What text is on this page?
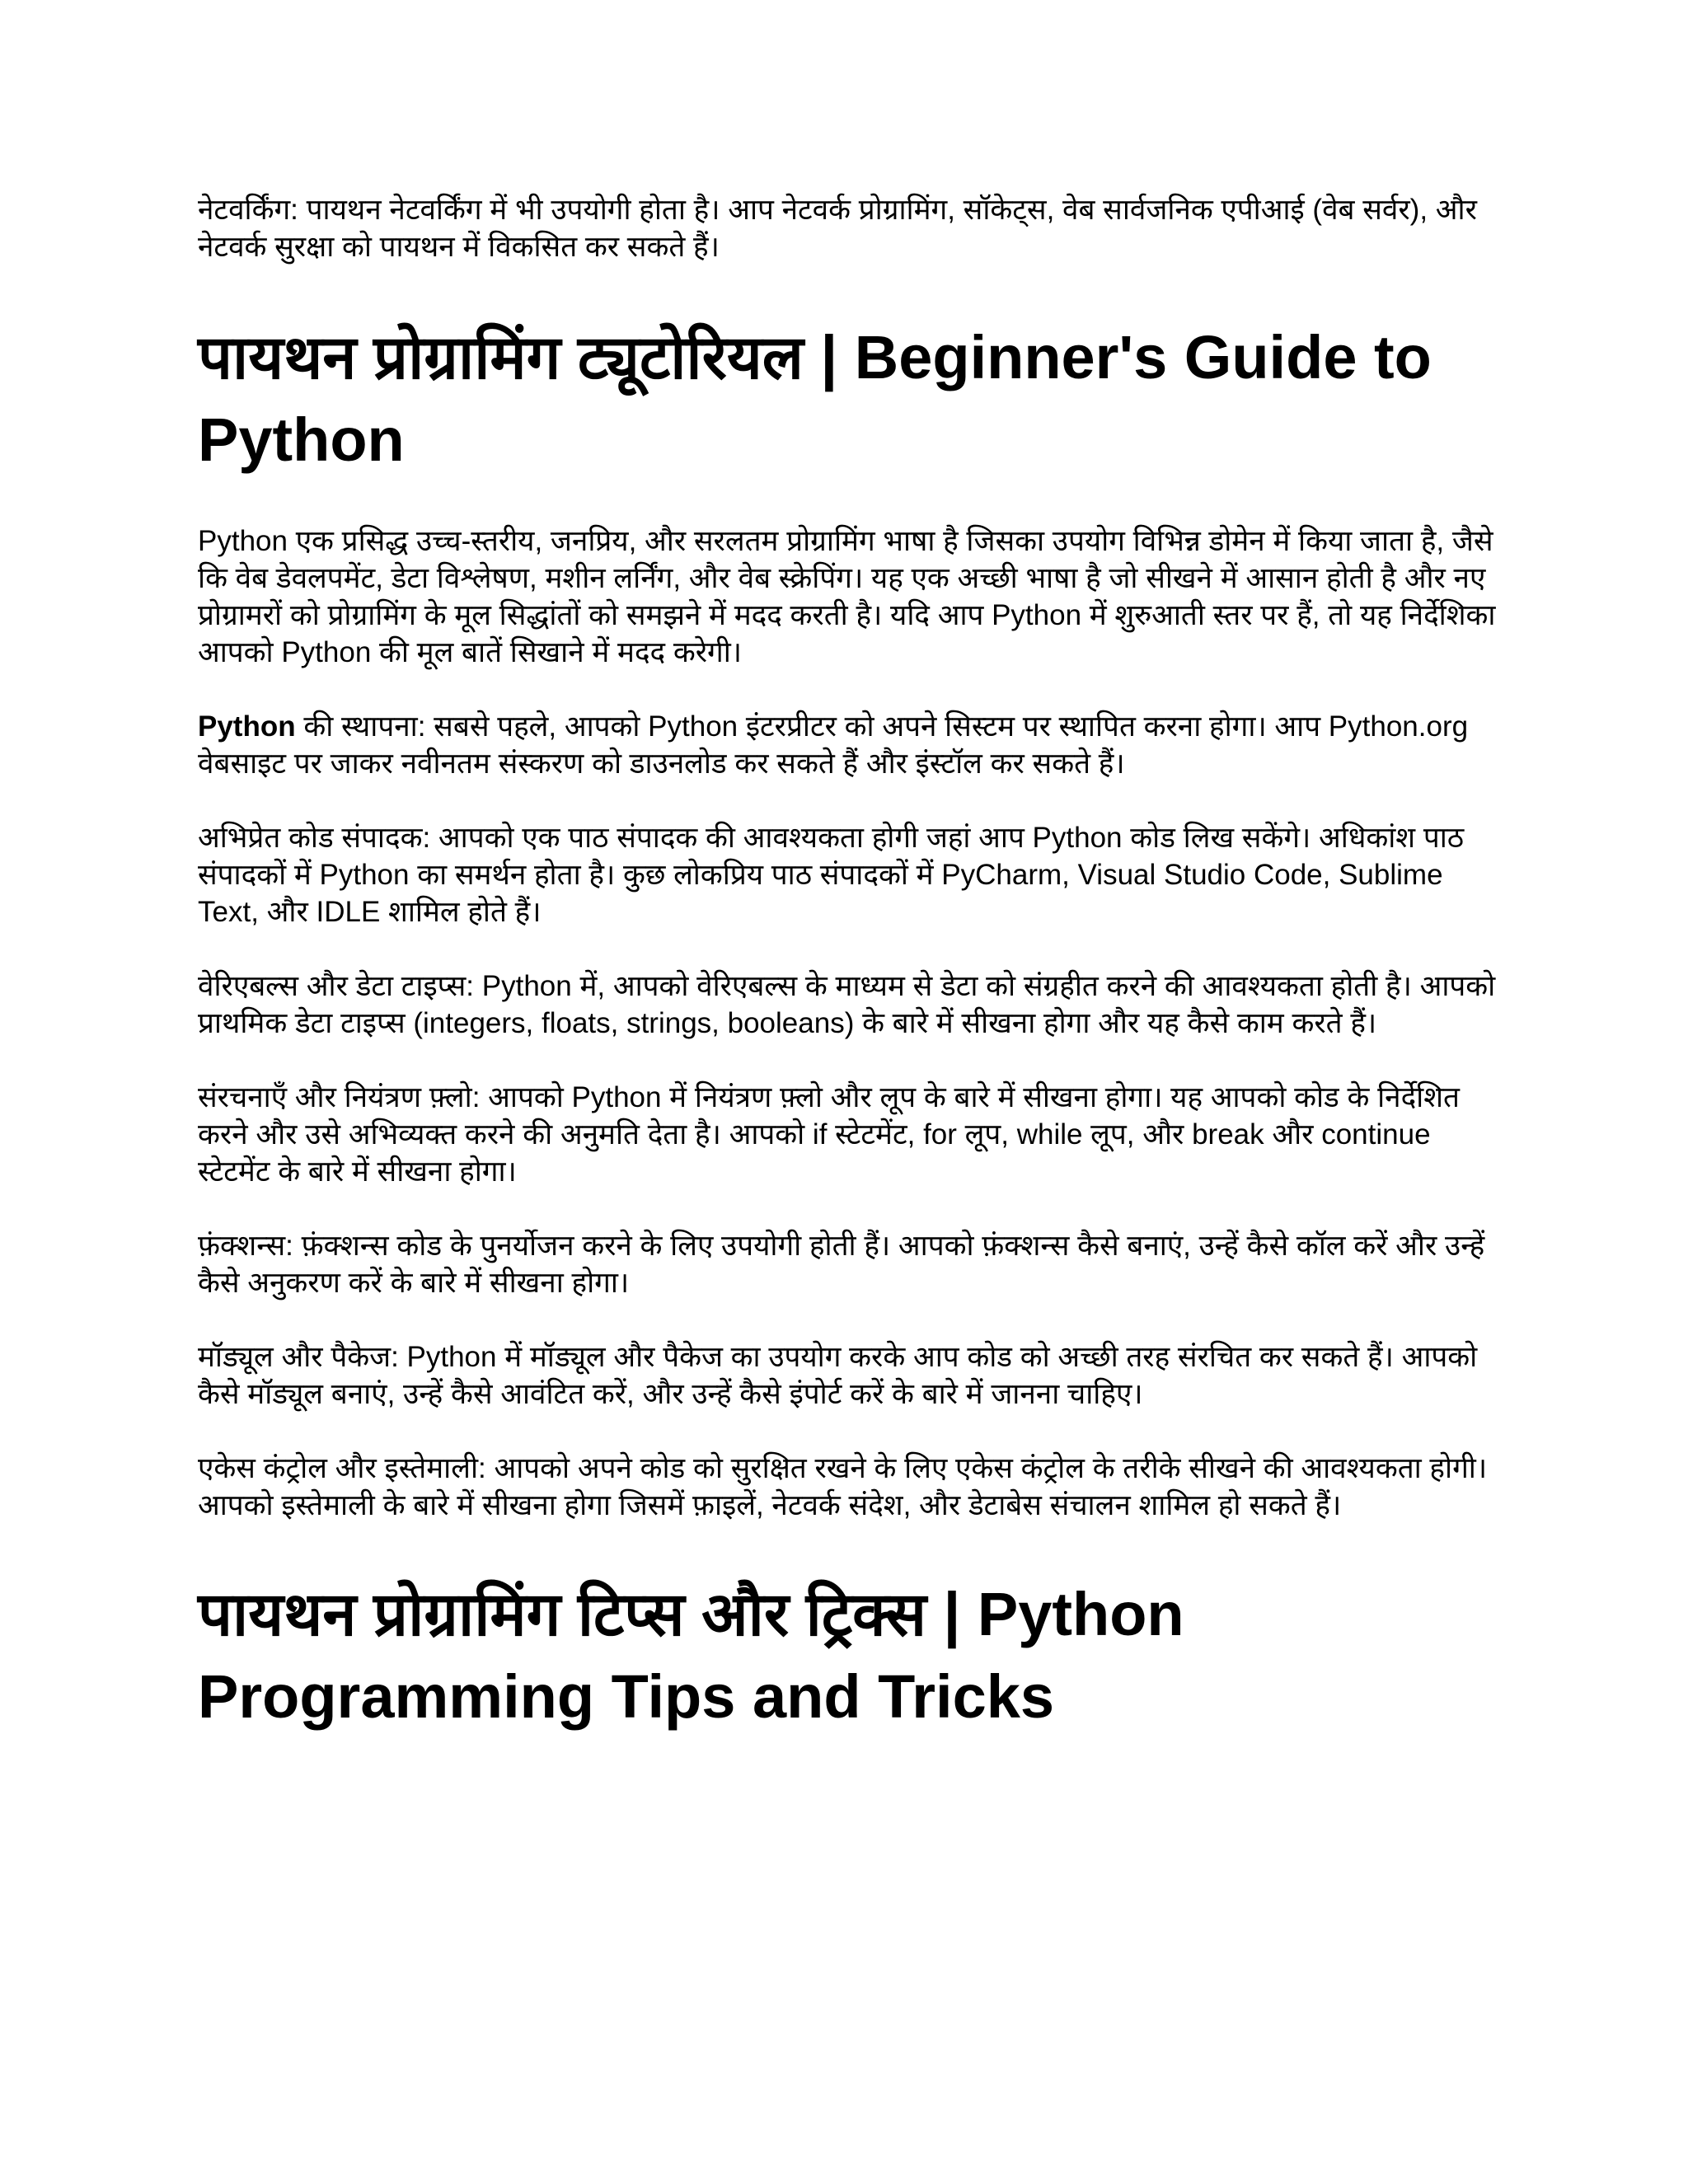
नेटवर्किंग: पायथन नेटवर्किंग में भी उपयोगी होता है। आप नेटवर्क प्रोग्रामिंग, सॉकेट्स, वेब सार्वजनिक एपीआई (वेब सर्वर), और नेटवर्क सुरक्षा को पायथन में विकसित कर सकते हैं।

पायथन प्रोग्रामिंग ट्यूटोरियल | Beginner's Guide to Python

Python एक प्रसिद्ध उच्च-स्तरीय, जनप्रिय, और सरलतम प्रोग्रामिंग भाषा है जिसका उपयोग विभिन्न डोमेन में किया जाता है, जैसे कि वेब डेवलपमेंट, डेटा विश्लेषण, मशीन लर्निंग, और वेब स्क्रेपिंग। यह एक अच्छी भाषा है जो सीखने में आसान होती है और नए प्रोग्रामरों को प्रोग्रामिंग के मूल सिद्धांतों को समझने में मदद करती है। यदि आप Python में शुरुआती स्तर पर हैं, तो यह निर्देशिका आपको Python की मूल बातें सिखाने में मदद करेगी।

Python की स्थापना: सबसे पहले, आपको Python इंटरप्रीटर को अपने सिस्टम पर स्थापित करना होगा। आप Python.org वेबसाइट पर जाकर नवीनतम संस्करण को डाउनलोड कर सकते हैं और इंस्टॉल कर सकते हैं।

अभिप्रेत कोड संपादक: आपको एक पाठ संपादक की आवश्यकता होगी जहां आप Python कोड लिख सकेंगे। अधिकांश पाठ संपादकों में Python का समर्थन होता है। कुछ लोकप्रिय पाठ संपादकों में PyCharm, Visual Studio Code, Sublime Text, और IDLE शामिल होते हैं।

वेरिएबल्स और डेटा टाइप्स: Python में, आपको वेरिएबल्स के माध्यम से डेटा को संग्रहीत करने की आवश्यकता होती है। आपको प्राथमिक डेटा टाइप्स (integers, floats, strings, booleans) के बारे में सीखना होगा और यह कैसे काम करते हैं।

संरचनाएँ और नियंत्रण फ़्लो: आपको Python में नियंत्रण फ़्लो और लूप के बारे में सीखना होगा। यह आपको कोड के निर्देशित करने और उसे अभिव्यक्त करने की अनुमति देता है। आपको if स्टेटमेंट, for लूप, while लूप, और break और continue स्टेटमेंट के बारे में सीखना होगा।

फ़ंक्शन्स: फ़ंक्शन्स कोड के पुनर्योजन करने के लिए उपयोगी होती हैं। आपको फ़ंक्शन्स कैसे बनाएं, उन्हें कैसे कॉल करें और उन्हें कैसे अनुकरण करें के बारे में सीखना होगा।

मॉड्यूल और पैकेज: Python में मॉड्यूल और पैकेज का उपयोग करके आप कोड को अच्छी तरह संरचित कर सकते हैं। आपको कैसे मॉड्यूल बनाएं, उन्हें कैसे आवंटित करें, और उन्हें कैसे इंपोर्ट करें के बारे में जानना चाहिए।

एकेस कंट्रोल और इस्तेमाली: आपको अपने कोड को सुरक्षित रखने के लिए एकेस कंट्रोल के तरीके सीखने की आवश्यकता होगी। आपको इस्तेमाली के बारे में सीखना होगा जिसमें फ़ाइलें, नेटवर्क संदेश, और डेटाबेस संचालन शामिल हो सकते हैं।

पायथन प्रोग्रामिंग टिप्स और ट्रिक्स | Python Programming Tips and Tricks
